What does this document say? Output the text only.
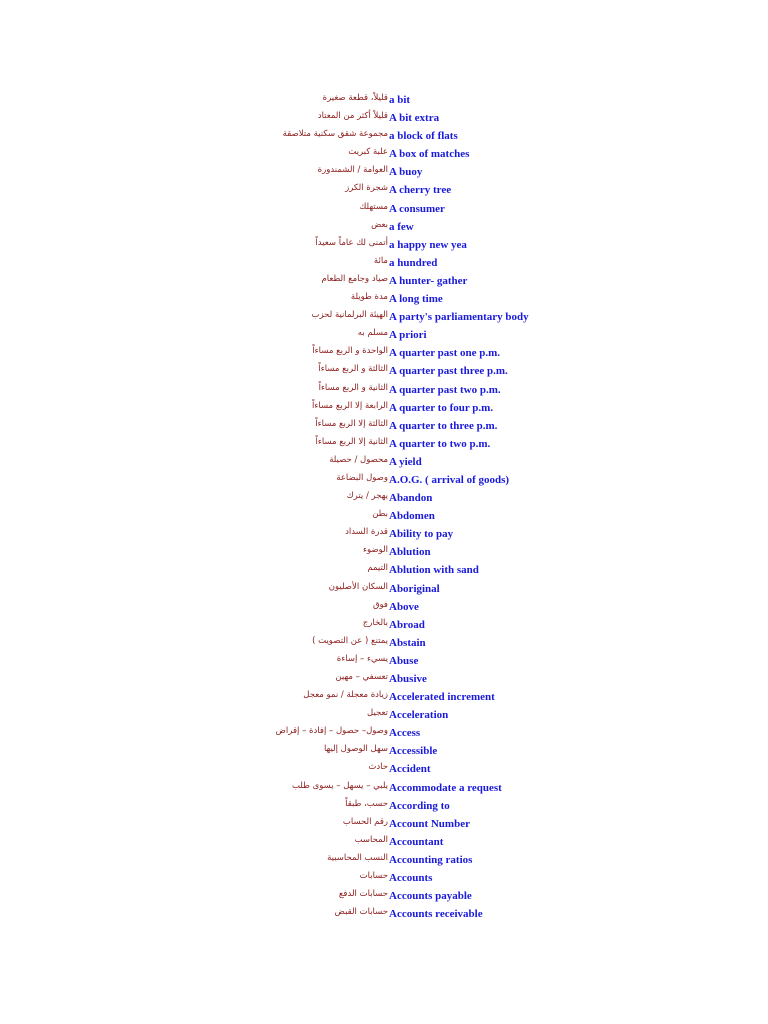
قليلاً، قطعة صغيرة a bit
قليلاً أكثر من المعتاد A bit extra
مجموعة شقق سكنية متلاصقة a block of flats
علبة كبريت A box of matches
العوامة / الشمندورة A buoy
شجرة الكرز A cherry tree
مستهلك A consumer
بعض a few
أتمنى لك عاماً سعيداً a happy new yea
مائة a hundred
صياد وجامع الطعام A hunter- gather
مدة طويلة A long time
الهيئة البرلمانية لحزب A party's parliamentary body
مسلم به A priori
الواحدة و الربع مساءاً A quarter past one p.m.
الثالثة و الربع مساءاً A quarter past three p.m.
الثانية و الربع مساءاً A quarter past two p.m.
الرابعة إلا الربع مساءاً A quarter to four p.m.
الثالثة إلا الربع مساءاً A quarter to three p.m.
الثانية إلا الربع مساءاً A quarter to two p.m.
محصول / حصيلة A yield
وصول البضاعة A.O.G. ( arrival of goods)
يهجر / يترك Abandon
بطن Abdomen
قدرة السداد Ability to pay
الوضوء Ablution
التيمم Ablution with sand
السكان الأصليون Aboriginal
فوق Above
بالخارج Abroad
يمتنع ( عن التصويت ) Abstain
يسيء – إساءة Abuse
تعسفي – مهين Abusive
زيادة معجلة / نمو معجل Accelerated increment
تعجيل Acceleration
وصول– حصول – إفادة – إقراض Access
سهل الوصول إليها Accessible
حادث Accident
يلبي – يسهل – يسوى طلب Accommodate a request
حسب، طبقاً According to
رقم الحساب Account Number
المحاسب Accountant
النسب المحاسبية Accounting ratios
حسابات Accounts
حسابات الدفع Accounts payable
حسابات القبض Accounts receivable
